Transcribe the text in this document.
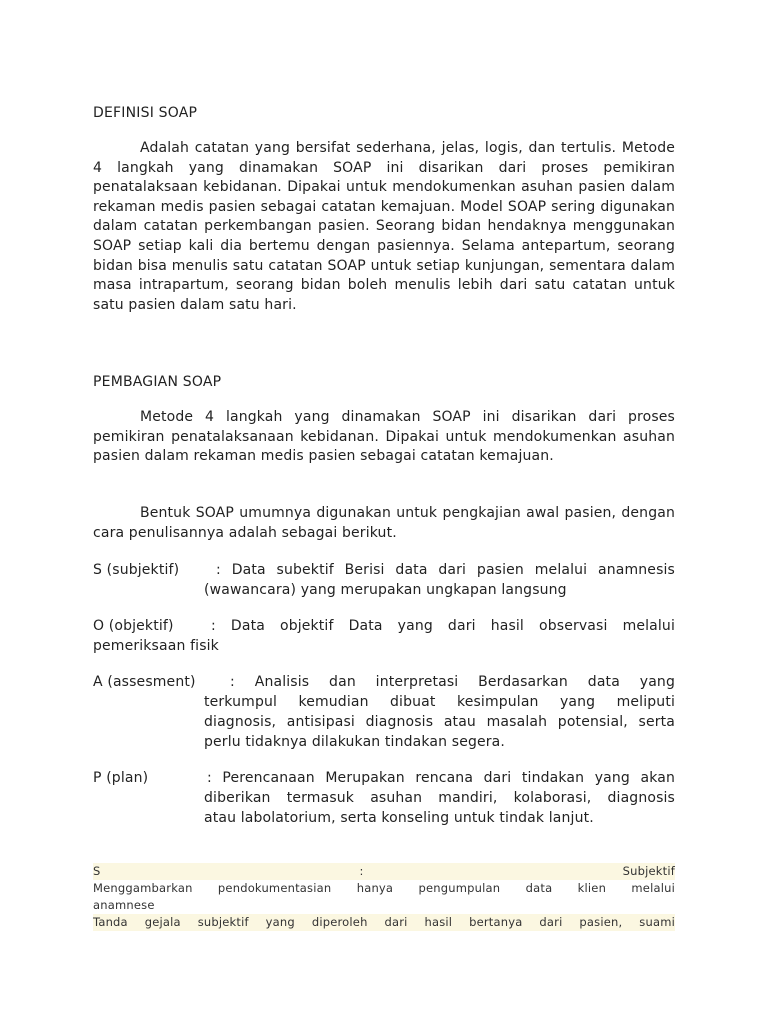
DEFINISI SOAP
Adalah catatan yang bersifat sederhana, jelas, logis, dan tertulis. Metode 4 langkah yang dinamakan SOAP ini disarikan dari proses pemikiran penatalaksaan kebidanan. Dipakai untuk mendokumenkan asuhan pasien dalam rekaman medis pasien sebagai catatan kemajuan. Model SOAP sering digunakan dalam catatan perkembangan pasien. Seorang bidan hendaknya menggunakan SOAP setiap kali dia bertemu dengan pasiennya. Selama antepartum, seorang bidan bisa menulis satu catatan SOAP untuk setiap kunjungan, sementara dalam masa intrapartum, seorang bidan boleh menulis lebih dari satu catatan untuk satu pasien dalam satu hari.
PEMBAGIAN SOAP
Metode 4 langkah yang dinamakan SOAP ini disarikan dari proses pemikiran penatalaksanaan kebidanan. Dipakai untuk mendokumenkan asuhan pasien dalam rekaman medis pasien sebagai catatan kemajuan.
Bentuk SOAP umumnya digunakan untuk pengkajian awal pasien, dengan cara penulisannya adalah sebagai berikut.
S (subjektif)	: Data subektif Berisi data dari pasien melalui anamnesis
(wawancara) yang merupakan ungkapan langsung
O (objektif)	: Data objektif Data yang dari hasil observasi melalui
pemeriksaan fisik
A (assesment) : Analisis dan interpretasi Berdasarkan data yang
terkumpul kemudian dibuat kesimpulan yang meliputi
diagnosis, antisipasi diagnosis atau masalah potensial, serta
perlu tidaknya dilakukan tindakan segera.
P (plan)	: Perencanaan Merupakan rencana dari tindakan yang akan
diberikan termasuk asuhan mandiri, kolaborasi, diagnosis
atau labolatorium, serta konseling untuk tindak lanjut.
S : Subjektif
Menggambarkan pendokumentasian hanya pengumpulan data klien melalui
anamnese
Tanda gejala subjektif yang diperoleh dari hasil bertanya dari pasien, suami
